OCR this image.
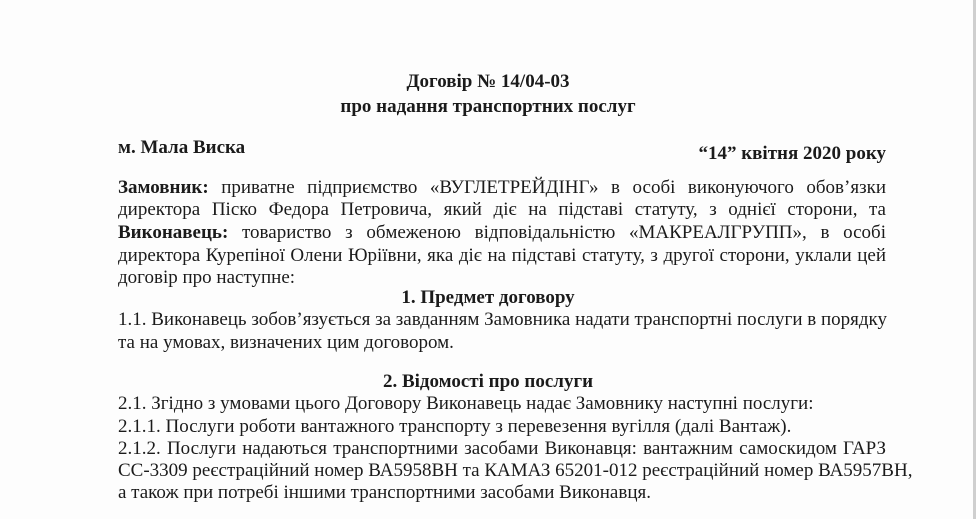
Договір № 14/04-03
про надання транспортних послуг
м. Мала Виска	“14” квітня 2020 року
Замовник: приватне підприємство «ВУГЛЕТРЕЙДІНГ» в особі виконуючого обов’язки
директора Піско Федора Петровича, який діє на підставі статуту, з однієї сторони, та
Виконавець: товариство з обмеженою відповідальністю «МАКРЕАЛГРУПП», в особі
директора Курепіної Олени Юріївни, яка діє на підставі статуту, з другої сторони, уклали цей
договір про наступне:
1. Предмет договору
1.1. Виконавець зобов’язується за завданням Замовника надати транспортні послуги в порядку
та на умовах, визначених цим договором.
2. Відомості про послуги
2.1. Згідно з умовами цього Договору Виконавець надає Замовнику наступні послуги:
2.1.1. Послуги роботи вантажного транспорту з перевезення вугілля (далі Вантаж).
2.1.2. Послуги надаються транспортними засобами Виконавця: вантажним самоскидом ГАРЗ
СС-3309 реєстраційний номер ВА5958ВН та КАМАЗ 65201-012 реєстраційний номер ВА5957ВН,
а також при потребі іншими транспортними засобами Виконавця.
